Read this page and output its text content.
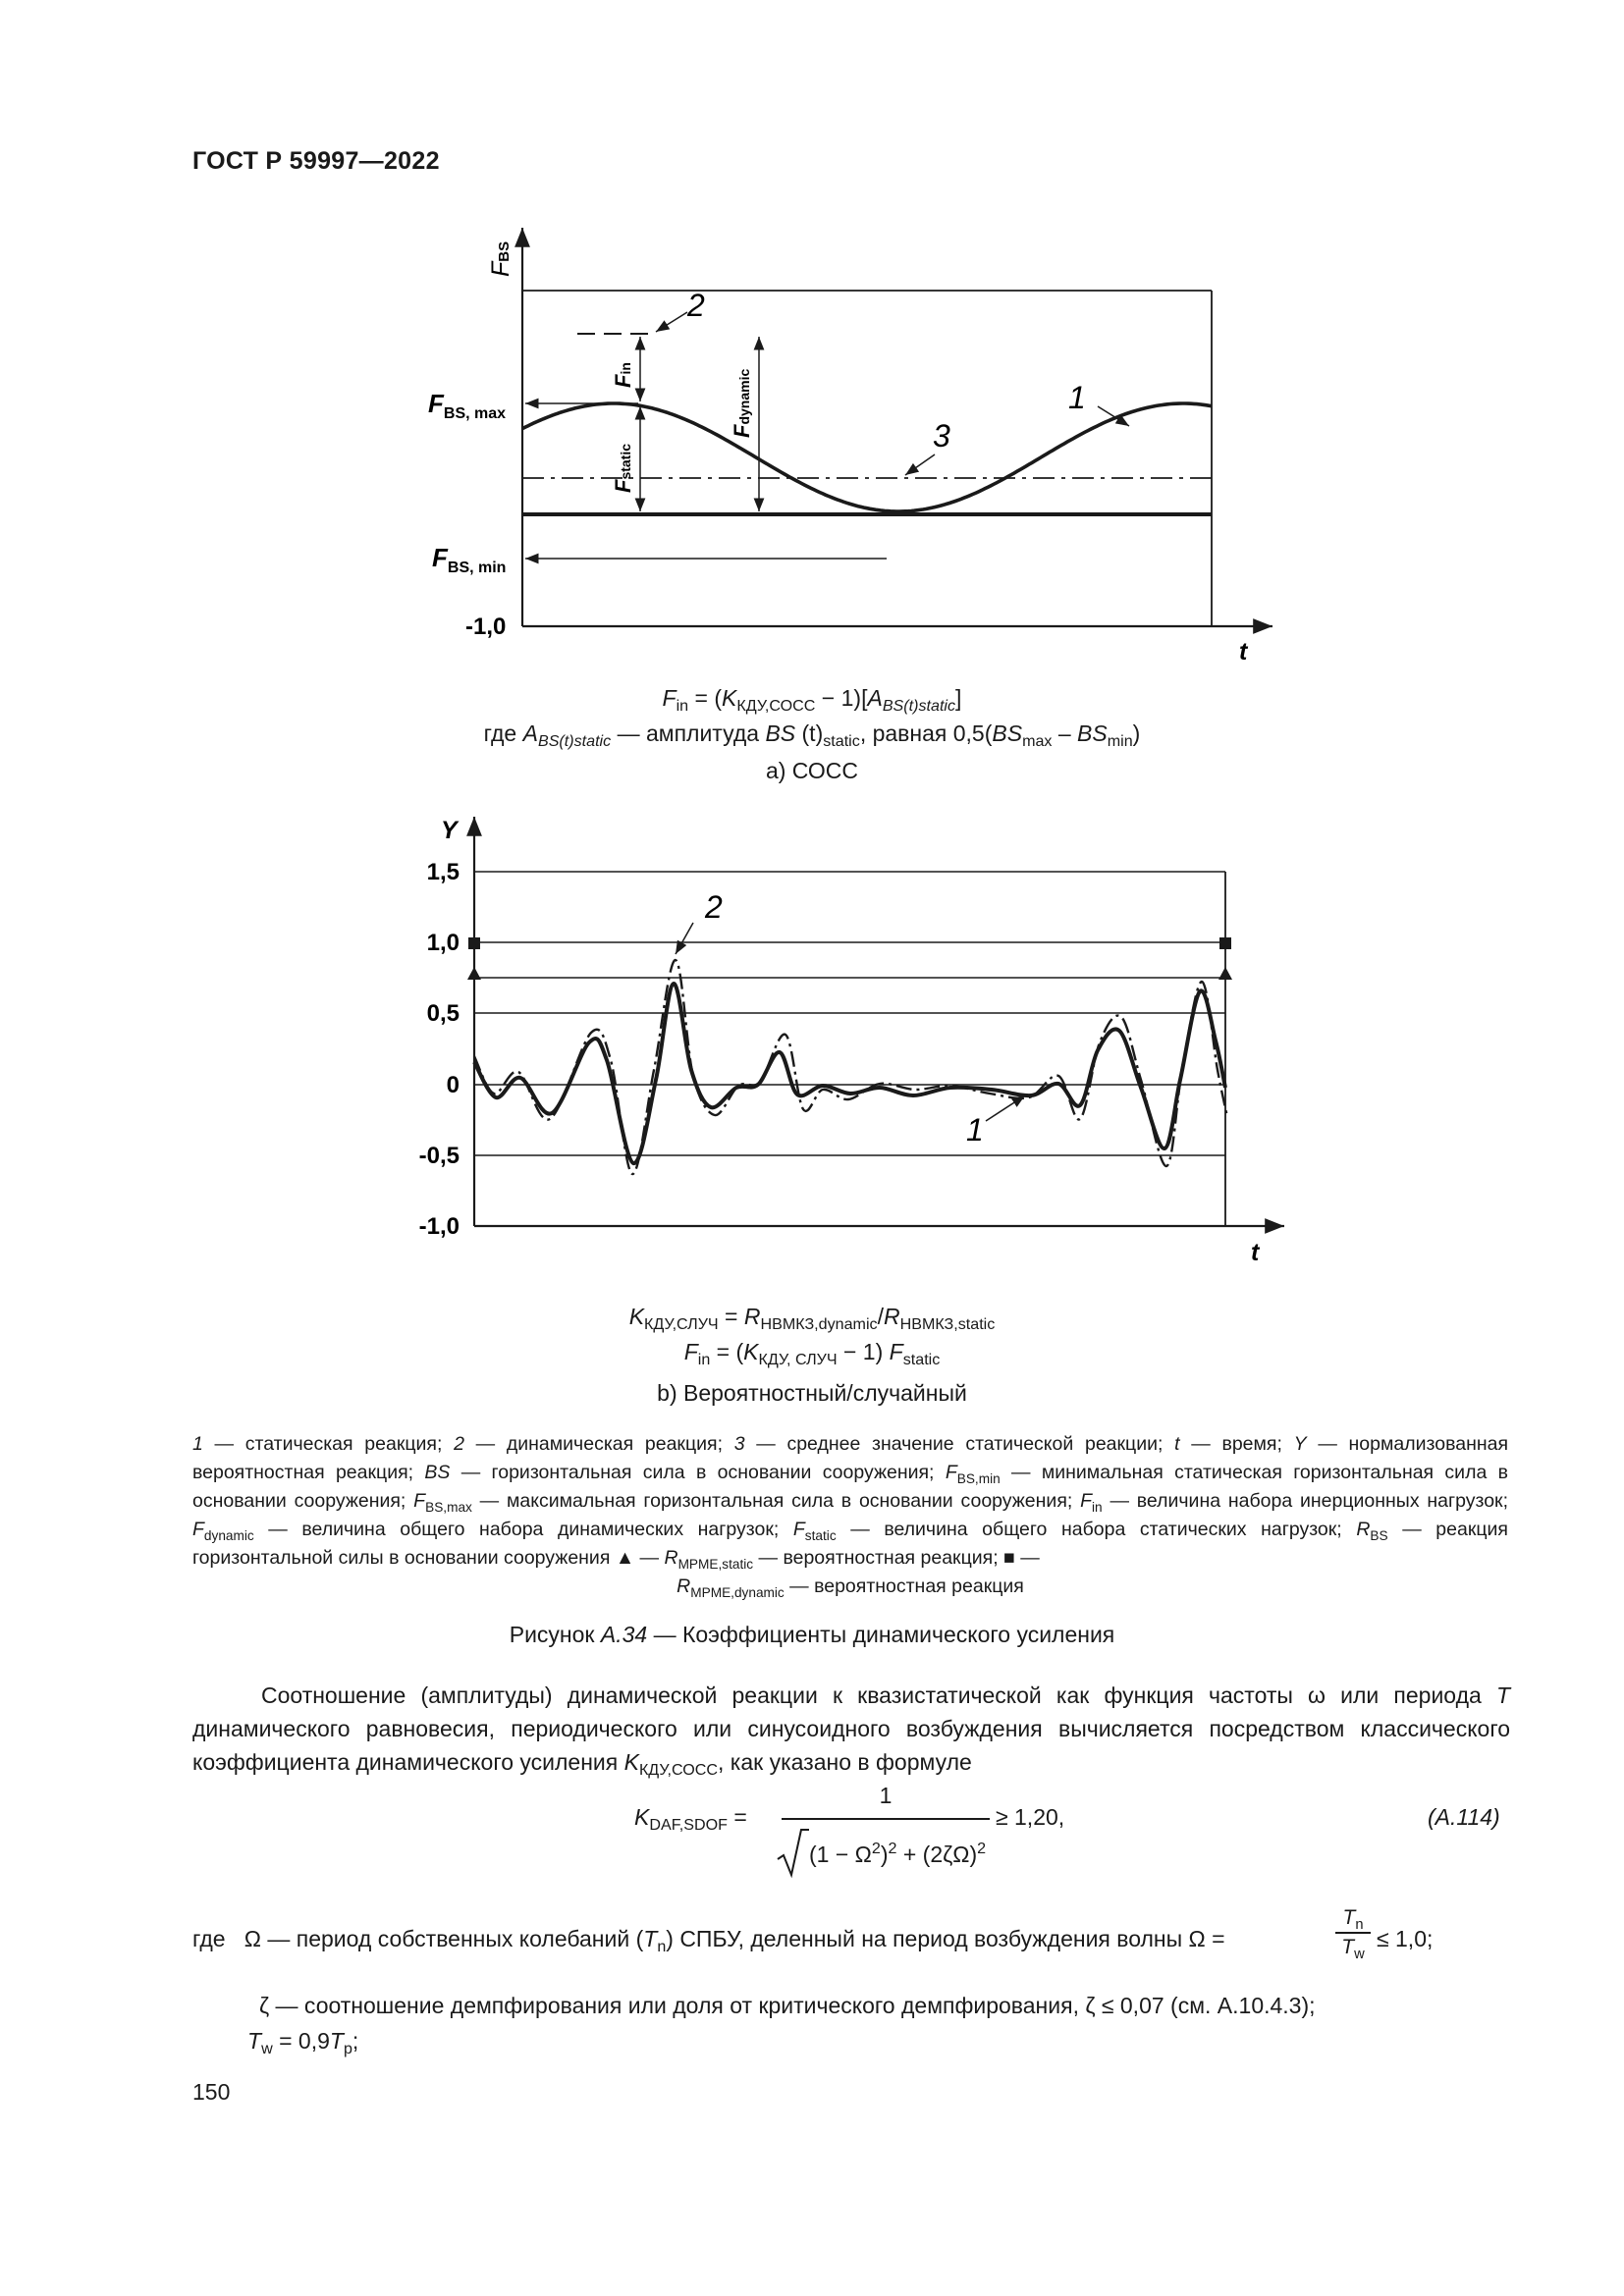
ГОСТ Р 59997—2022
FBS
$F_{BS, max}$
$F_{BS, min}$
-1,0
t
Fin
Fstatic
Fdynamic
2
3
1
2
1
Y
t
1,5
1,0
0,5
0
-0,5
-1,0
$F_{in} = (K_{КДУ,СОСС} - 1)[A_{BS(t)static}]$
где $A_{BS(t)static}$ — амплитуда BS $(t)_{static}$, равная $0,5(BS_{max} - BS_{min})$
а) СОСС
$K_{КДУ,СЛУЧ} = R_{НВМКЗ,dynamic}/R_{НВМКЗ,static}$
$F_{in} = (K_{КДУ, СЛУЧ} - 1)$ $F_{static}$
b) Вероятностный/случайный
1 — статическая реакция; 2 — динамическая реакция; 3 — среднее значение статической реакции; t — время; Y — нормализованная вероятностная реакция; BS — горизонтальная сила в основании сооружения; $F_{BS,min}$ — минимальная статическая горизонтальная сила в основании сооружения; $F_{BS,max}$ — максимальная горизонтальная сила в основании сооружения; $F_{in}$ — величина набора инерционных нагрузок; $F_{dynamic}$ — величина общего набора динамических нагрузок; $F_{static}$ — величина общего набора статических нагрузок; $R_{BS}$ — реакция горизонтальной силы в основании сооружения ▲ — $R_{MPME,static}$ — вероятностная реакция; ■ —
$R_{MPME,dynamic}$ — вероятностная реакция
Рисунок А.34 — Коэффициенты динамического усиления
Соотношение (амплитуды) динамической реакции к квазистатической как функция частоты ω или периода T динамического равновесия, периодического или синусоидного возбуждения вычисляется посредством классического коэффициента динамического усиления $K_{КДУ,СОСС}$, как указано в формуле
$K_{DAF,SDOF}$ =
1
$(1 - \Omega^2)^2 + (2\zeta\Omega)^2$
≥ 1,20,	(А.114)
где Ω — период собственных колебаний $(T_n)$ СПБУ, деленный на период возбуждения волны Ω =
$T_n$
$T_w$
≤ 1,0;
ζ — соотношение демпфирования или доля от критического демпфирования, ζ ≤ 0,07 (см. А.10.4.3);
$T_w = 0,9T_p$;
150
